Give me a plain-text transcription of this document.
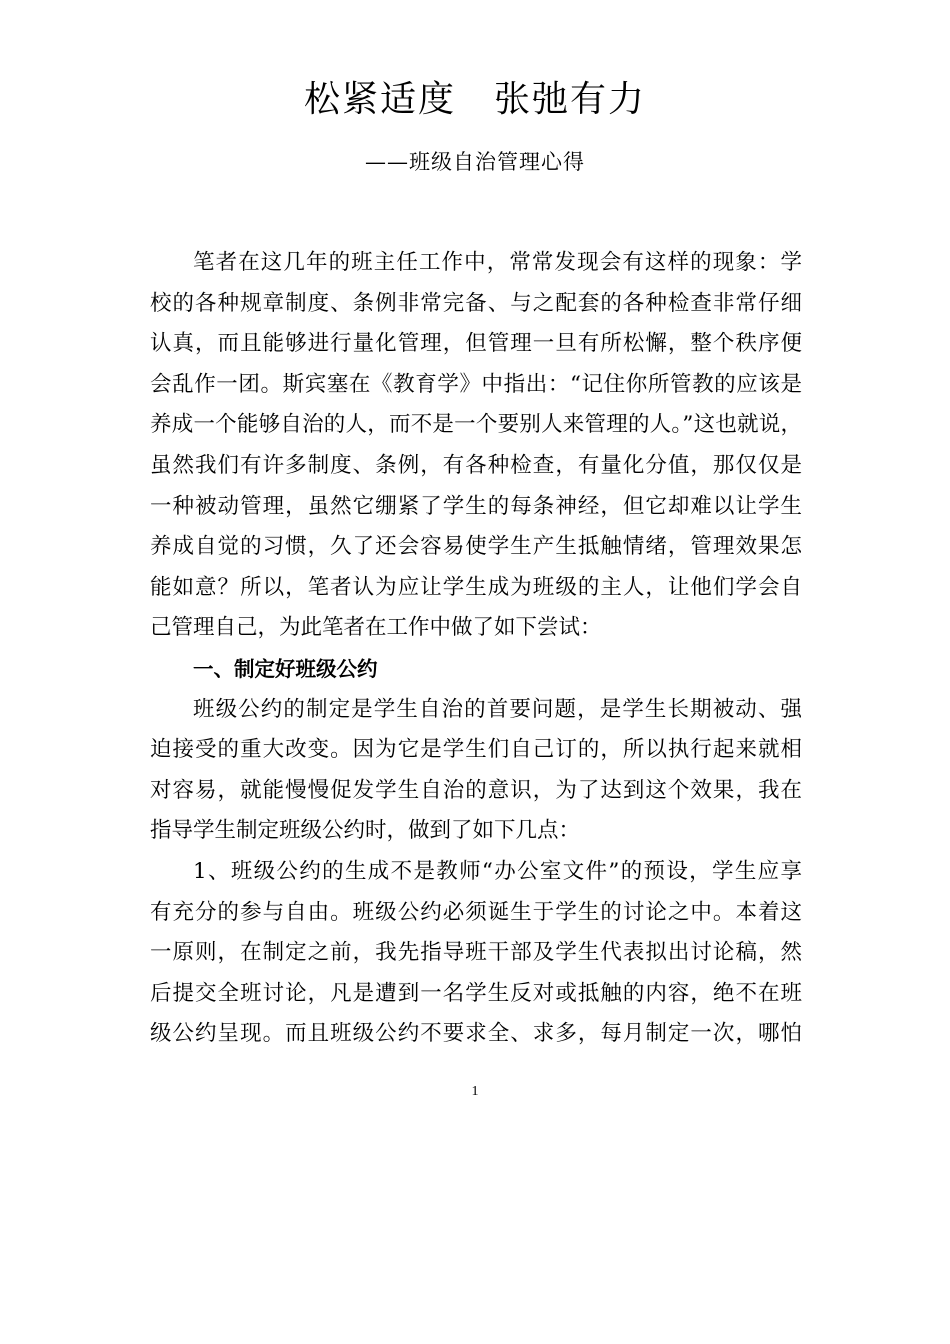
松紧适度　张弛有力
——班级自治管理心得
笔者在这几年的班主任工作中，常常发现会有这样的现象：学
校的各种规章制度、条例非常完备、与之配套的各种检查非常仔细
认真，而且能够进行量化管理，但管理一旦有所松懈，整个秩序便
会乱作一团。斯宾塞在《教育学》中指出：“记住你所管教的应该是
养成一个能够自治的人，而不是一个要别人来管理的人。”这也就说，
虽然我们有许多制度、条例，有各种检查，有量化分值，那仅仅是
一种被动管理，虽然它绷紧了学生的每条神经，但它却难以让学生
养成自觉的习惯，久了还会容易使学生产生抵触情绪，管理效果怎
能如意？所以，笔者认为应让学生成为班级的主人，让他们学会自
己管理自己，为此笔者在工作中做了如下尝试：
一、制定好班级公约
班级公约的制定是学生自治的首要问题，是学生长期被动、强
迫接受的重大改变。因为它是学生们自己订的，所以执行起来就相
对容易，就能慢慢促发学生自治的意识，为了达到这个效果，我在
指导学生制定班级公约时，做到了如下几点：
1、班级公约的生成不是教师“办公室文件”的预设，学生应享
有充分的参与自由。班级公约必须诞生于学生的讨论之中。本着这
一原则，在制定之前，我先指导班干部及学生代表拟出讨论稿，然
后提交全班讨论，凡是遭到一名学生反对或抵触的内容，绝不在班
级公约呈现。而且班级公约不要求全、求多，每月制定一次，哪怕
1
